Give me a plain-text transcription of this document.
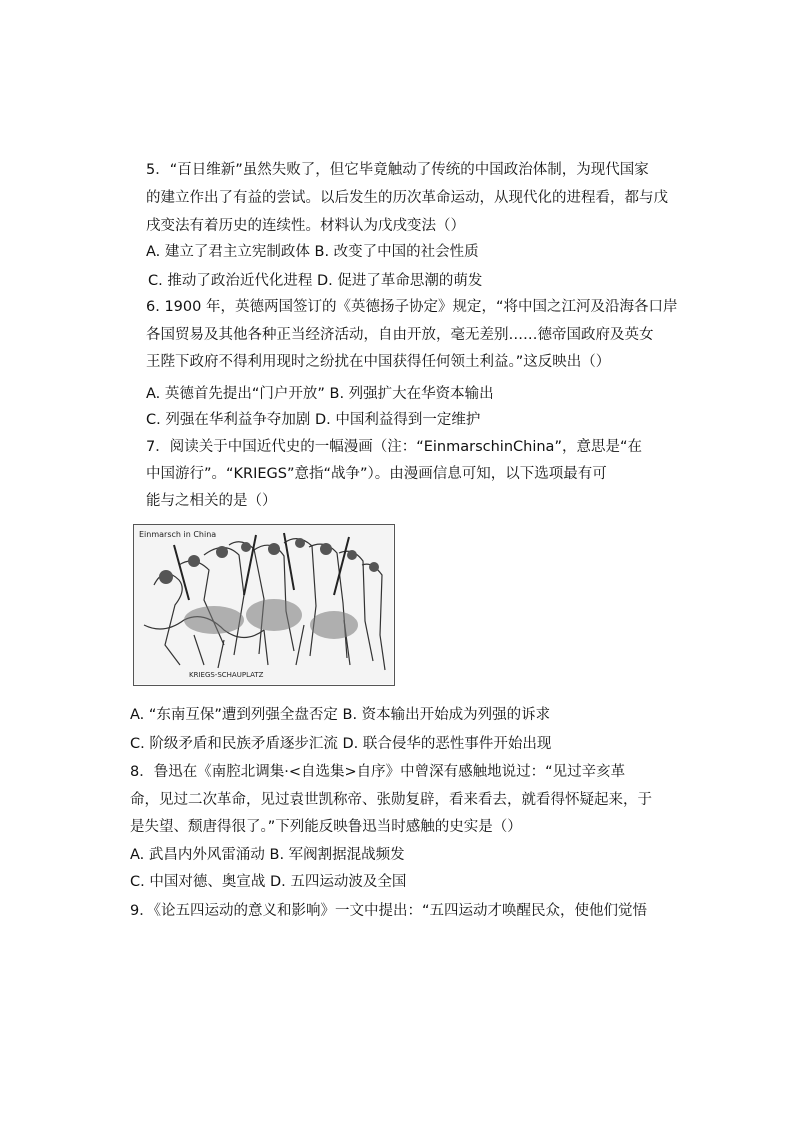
5．“百日维新”虽然失败了，但它毕竟触动了传统的中国政治体制，为现代国家
的建立作出了有益的尝试。以后发生的历次革命运动，从现代化的进程看，都与戊
戌变法有着历史的连续性。材料认为戊戌变法（）
A. 建立了君主立宪制政体 B. 改变了中国的社会性质
C. 推动了政治近代化进程 D. 促进了革命思潮的萌发
6. 1900 年，英德两国签订的《英德扬子协定》规定，“将中国之江河及沿海各口岸
各国贸易及其他各种正当经济活动，自由开放，毫无差别……德帝国政府及英女
王陛下政府不得利用现时之纷扰在中国获得任何领土利益。”这反映出（）
A. 英德首先提出“门户开放” B. 列强扩大在华资本输出
C. 列强在华利益争夺加剧 D. 中国利益得到一定维护
7．阅读关于中国近代史的一幅漫画（注：“EinmarschinChina”，意思是“在
中国游行”。“KRIEGS”意指“战争”）。由漫画信息可知，以下选项最有可
能与之相关的是（）
Einmarsch in China
KRIEGS-SCHAUPLATZ
A. “东南互保”遭到列强全盘否定 B. 资本输出开始成为列强的诉求
C. 阶级矛盾和民族矛盾逐步汇流 D. 联合侵华的恶性事件开始出现
8．鲁迅在《南腔北调集·<自选集>自序》中曾深有感触地说过：“见过辛亥革
命，见过二次革命，见过袁世凯称帝、张勋复辟，看来看去，就看得怀疑起来，于
是失望、颓唐得很了。”下列能反映鲁迅当时感触的史实是（）
A. 武昌内外风雷涌动 B. 军阀割据混战频发
C. 中国对德、奥宣战 D. 五四运动波及全国
9．《论五四运动的意义和影响》一文中提出：“五四运动才唤醒民众，使他们觉悟
